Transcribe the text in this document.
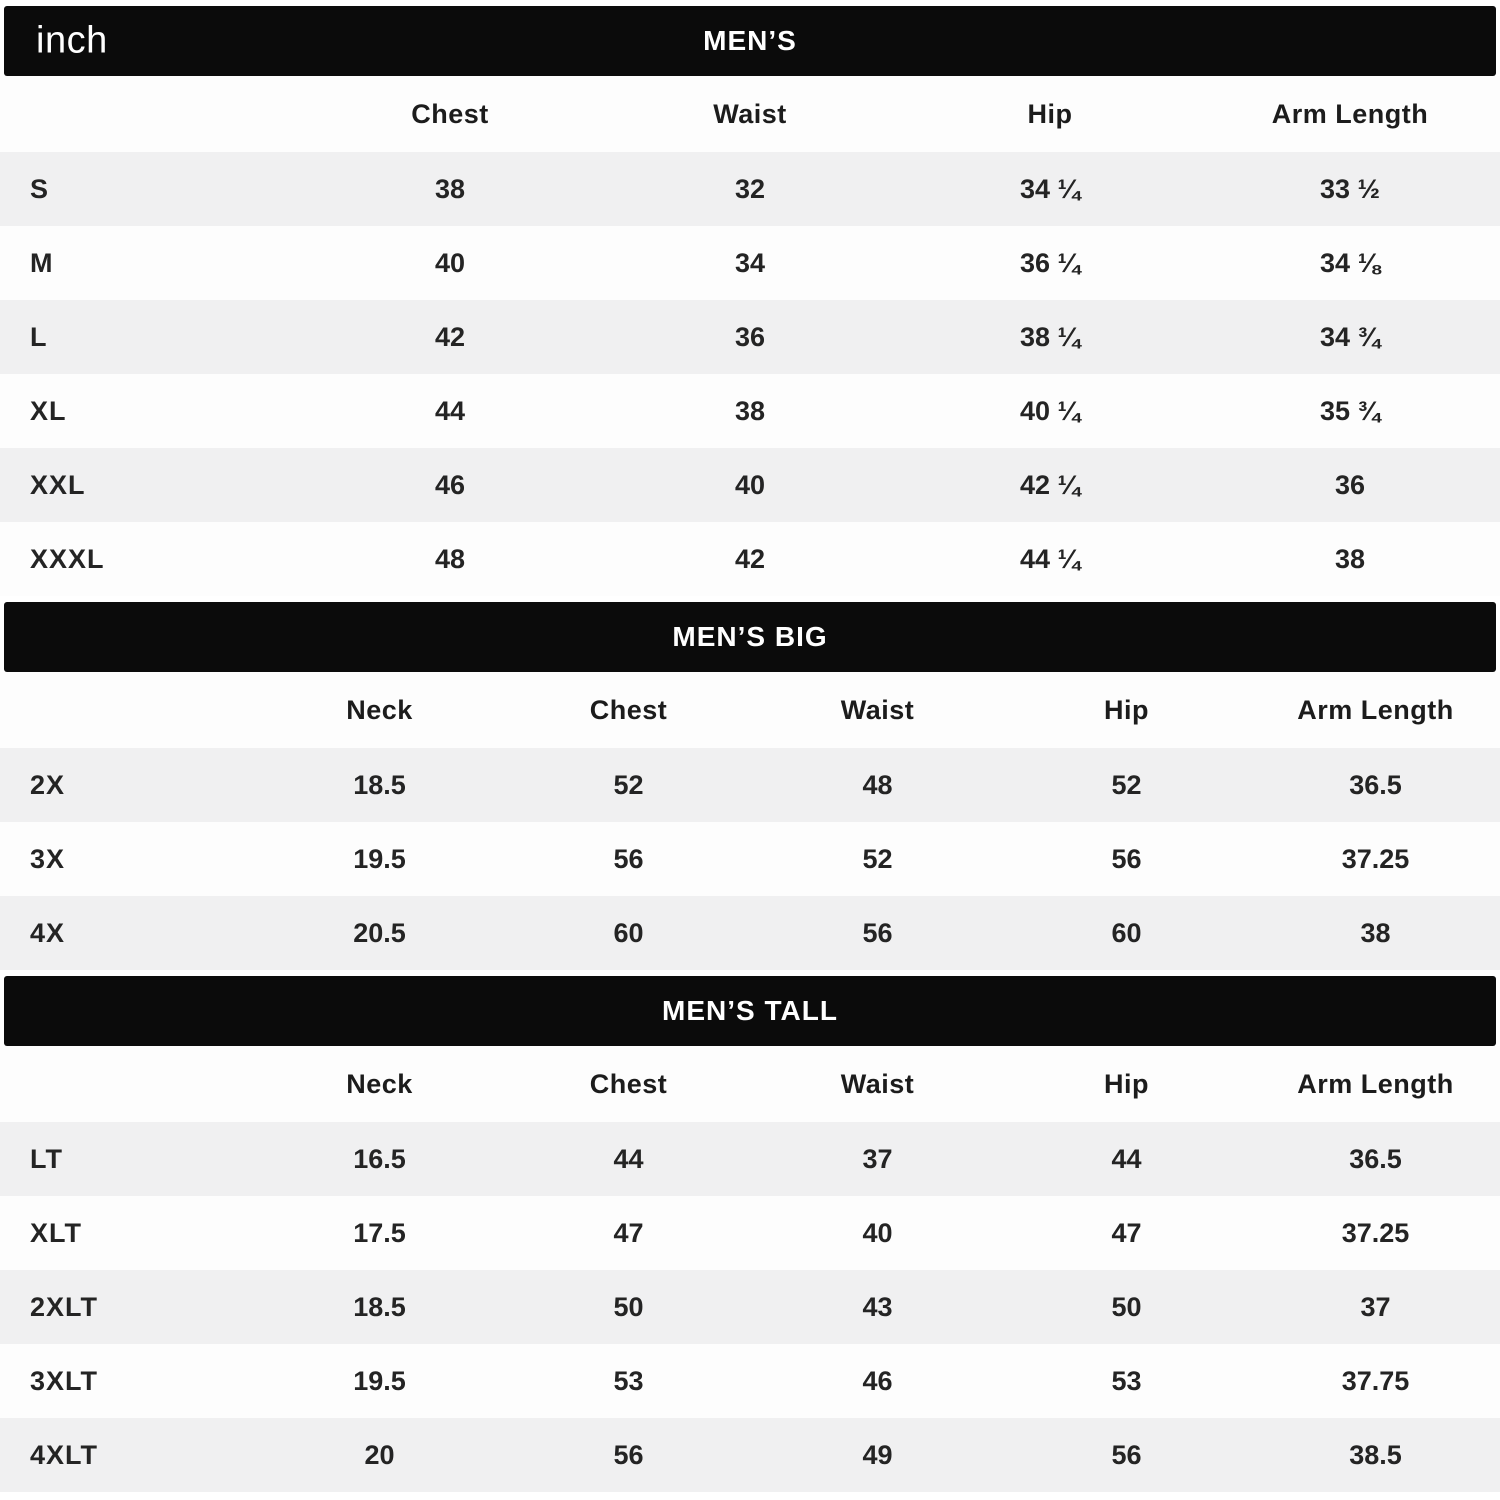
inch	MEN’S
	Chest	Waist	Hip	Arm Length
S	38	32	34 ¼	33 ½
M	40	34	36 ¼	34 ⅛
L	42	36	38 ¼	34 ¾
XL	44	38	40 ¼	35 ¾
XXL	46	40	42 ¼	36
XXXL	48	42	44 ¼	38
MEN’S BIG
	Neck	Chest	Waist	Hip	Arm Length
2X	18.5	52	48	52	36.5
3X	19.5	56	52	56	37.25
4X	20.5	60	56	60	38
MEN’S TALL
	Neck	Chest	Waist	Hip	Arm Length
LT	16.5	44	37	44	36.5
XLT	17.5	47	40	47	37.25
2XLT	18.5	50	43	50	37
3XLT	19.5	53	46	53	37.75
4XLT	20	56	49	56	38.5
